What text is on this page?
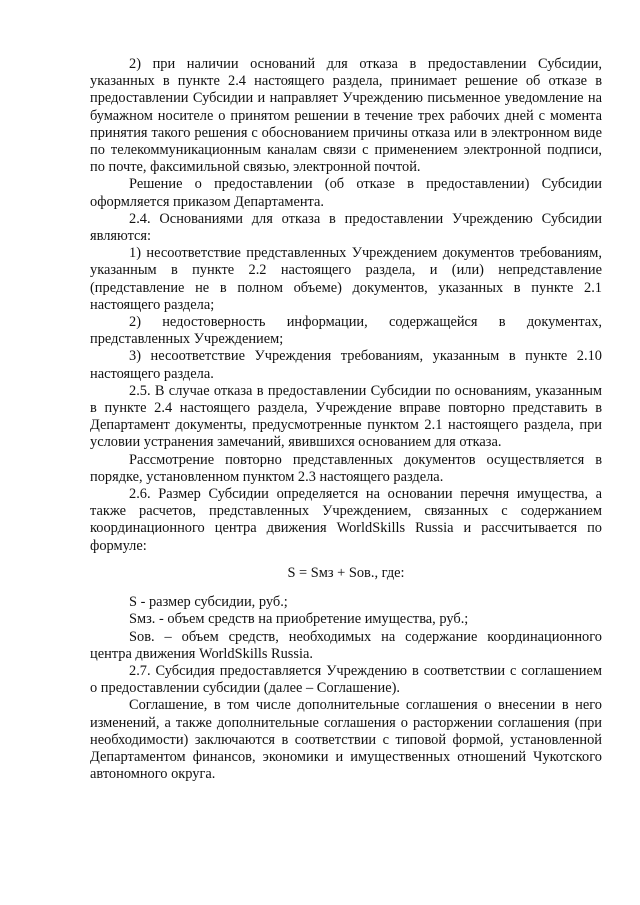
2) при наличии оснований для отказа в предоставлении Субсидии, указанных в пункте 2.4 настоящего раздела, принимает решение об отказе в предоставлении Субсидии и направляет Учреждению письменное уведомление на бумажном носителе о принятом решении в течение трех рабочих дней с момента принятия такого решения с обоснованием причины отказа или в электронном виде по телекоммуникационным каналам связи с применением электронной подписи, по почте, факсимильной связью, электронной почтой.

Решение о предоставлении (об отказе в предоставлении) Субсидии оформляется приказом Департамента.

2.4. Основаниями для отказа в предоставлении Учреждению Субсидии являются:

1) несоответствие представленных Учреждением документов требованиям, указанным в пункте 2.2 настоящего раздела, и (или) непредставление (представление не в полном объеме) документов, указанных в пункте 2.1 настоящего раздела;

2) недостоверность информации, содержащейся в документах, представленных Учреждением;

3) несоответствие Учреждения требованиям, указанным в пункте 2.10 настоящего раздела.

2.5. В случае отказа в предоставлении Субсидии по основаниям, указанным в пункте 2.4 настоящего раздела, Учреждение вправе повторно представить в Департамент документы, предусмотренные пунктом 2.1 настоящего раздела, при условии устранения замечаний, явившихся основанием для отказа.

Рассмотрение повторно представленных документов осуществляется в порядке, установленном пунктом 2.3 настоящего раздела.

2.6. Размер Субсидии определяется на основании перечня имущества, а также расчетов, представленных Учреждением, связанных с содержанием координационного центра движения WorldSkills Russia и рассчитывается по формуле:

S = Sмз + Sов., где:

S - размер субсидии, руб.;

Sмз. - объем средств на приобретение имущества, руб.;

Sов. – объем средств, необходимых на содержание координационного центра движения WorldSkills Russia.

2.7. Субсидия предоставляется Учреждению в соответствии с соглашением о предоставлении субсидии (далее – Соглашение).

Соглашение, в том числе дополнительные соглашения о внесении в него изменений, а также дополнительные соглашения о расторжении соглашения (при необходимости) заключаются в соответствии с типовой формой, установленной Департаментом финансов, экономики и имущественных отношений Чукотского автономного округа.
